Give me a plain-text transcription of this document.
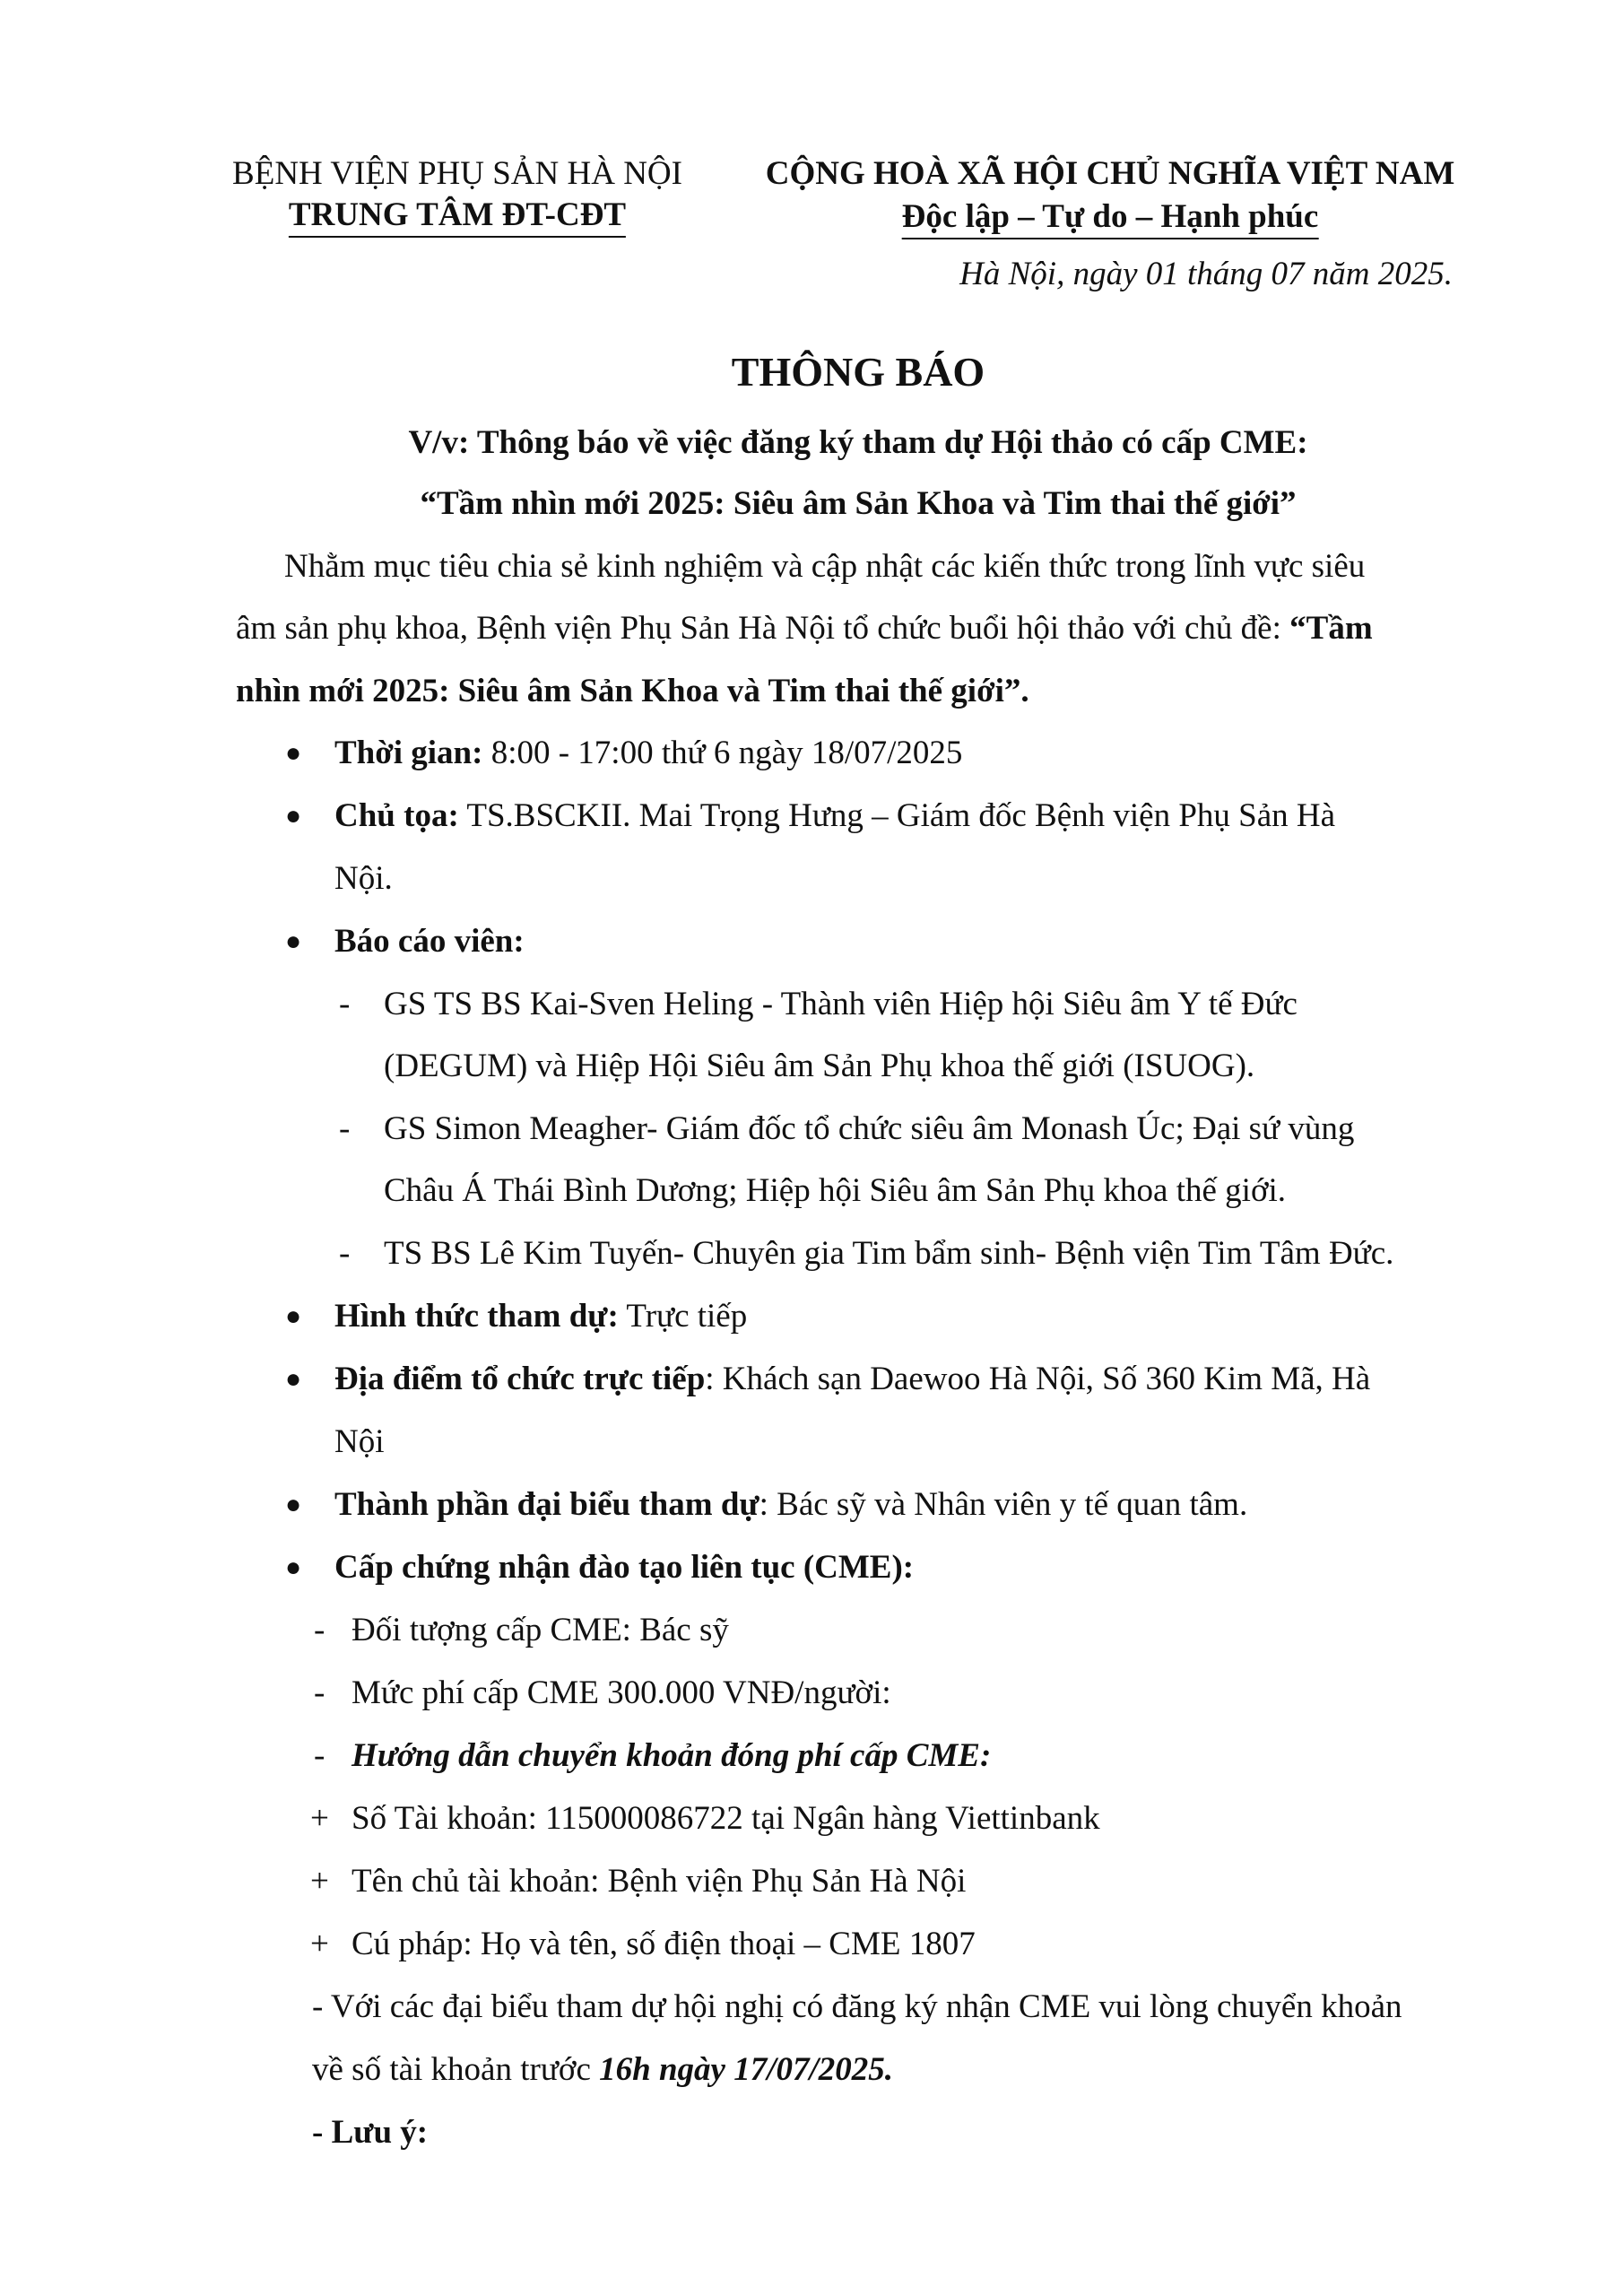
BỆNH VIỆN PHỤ SẢN HÀ NỘI
TRUNG TÂM ĐT-CĐT
CỘNG HOÀ XÃ HỘI CHỦ NGHĨA VIỆT NAM
Độc lập – Tự do – Hạnh phúc
Hà Nội, ngày 01 tháng 07 năm 2025.
THÔNG BÁO
V/v: Thông báo về việc đăng ký tham dự Hội thảo có cấp CME:
“Tầm nhìn mới 2025: Siêu âm Sản Khoa và Tim thai thế giới”
Nhằm mục tiêu chia sẻ kinh nghiệm và cập nhật các kiến thức trong lĩnh vực siêu
âm sản phụ khoa, Bệnh viện Phụ Sản Hà Nội tổ chức buổi hội thảo với chủ đề: “Tầm
nhìn mới 2025: Siêu âm Sản Khoa và Tim thai thế giới”.
● Thời gian: 8:00 - 17:00 thứ 6 ngày 18/07/2025
● Chủ tọa: TS.BSCKII. Mai Trọng Hưng – Giám đốc Bệnh viện Phụ Sản Hà
Nội.
● Báo cáo viên:
- GS TS BS Kai-Sven Heling - Thành viên Hiệp hội Siêu âm Y tế Đức
(DEGUM) và Hiệp Hội Siêu âm Sản Phụ khoa thế giới (ISUOG).
- GS Simon Meagher- Giám đốc tổ chức siêu âm Monash Úc; Đại sứ vùng
Châu Á Thái Bình Dương; Hiệp hội Siêu âm Sản Phụ khoa thế giới.
- TS BS Lê Kim Tuyến- Chuyên gia Tim bẩm sinh- Bệnh viện Tim Tâm Đức.
● Hình thức tham dự: Trực tiếp
● Địa điểm tổ chức trực tiếp: Khách sạn Daewoo Hà Nội, Số 360 Kim Mã, Hà
Nội
● Thành phần đại biểu tham dự: Bác sỹ và Nhân viên y tế quan tâm.
● Cấp chứng nhận đào tạo liên tục (CME):
- Đối tượng cấp CME: Bác sỹ
- Mức phí cấp CME 300.000 VNĐ/người:
- Hướng dẫn chuyển khoản đóng phí cấp CME:
+ Số Tài khoản: 115000086722 tại Ngân hàng Viettinbank
+ Tên chủ tài khoản: Bệnh viện Phụ Sản Hà Nội
+ Cú pháp: Họ và tên, số điện thoại – CME 1807
- Với các đại biểu tham dự hội nghị có đăng ký nhận CME vui lòng chuyển khoản
về số tài khoản trước 16h ngày 17/07/2025.
- Lưu ý:
